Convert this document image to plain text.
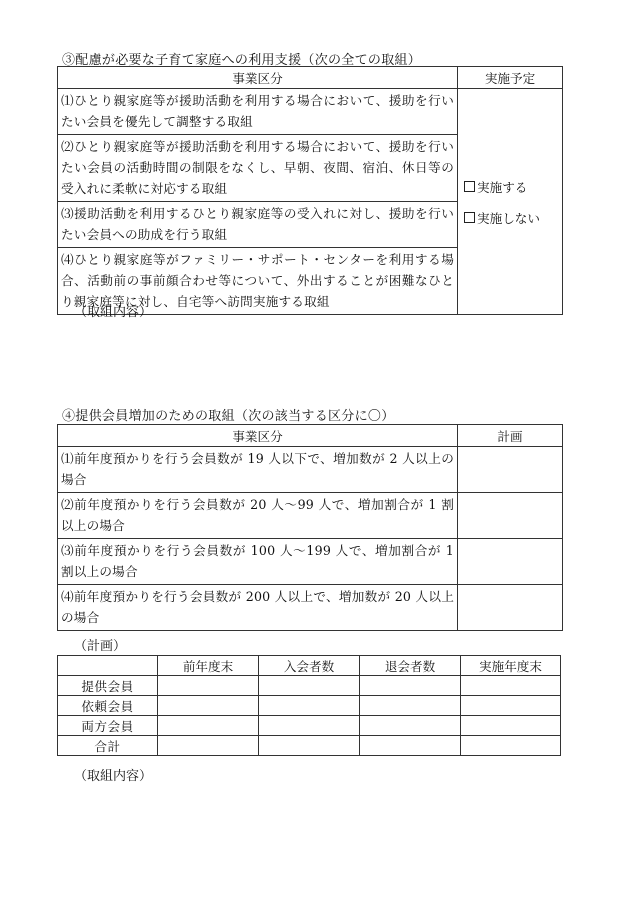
③配慮が必要な子育て家庭への利用支援（次の全ての取組）
事業区分	実施予定
⑴ひとり親家庭等が援助活動を利用する場合において、援助を行いたい会員を優先して調整する取組	実施する
実施しない

⑵ひとり親家庭等が援助活動を利用する場合において、援助を行いたい会員の活動時間の制限をなくし、早朝、夜間、宿泊、休日等の受入れに柔軟に対応する取組	
⑶援助活動を利用するひとり親家庭等の受入れに対し、援助を行いたい会員への助成を行う取組	
⑷ひとり親家庭等がファミリー・サポート・センターを利用する場合、活動前の事前顔合わせ等について、外出することが困難なひとり親家庭等に対し、自宅等へ訪問実施する取組	
（取組内容）
④提供会員増加のための取組（次の該当する区分に〇）
事業区分	計画
⑴前年度預かりを行う会員数が 19 人以下で、増加数が 2 人以上の場合	
⑵前年度預かりを行う会員数が 20 人～99 人で、増加割合が 1 割以上の場合	
⑶前年度預かりを行う会員数が 100 人～199 人で、増加割合が 1 割以上の場合	
⑷前年度預かりを行う会員数が 200 人以上で、増加数が 20 人以上の場合	
（計画）
	前年度末	入会者数	退会者数	実施年度末
提供会員				
依頼会員				
両方会員				
合計				
（取組内容）
